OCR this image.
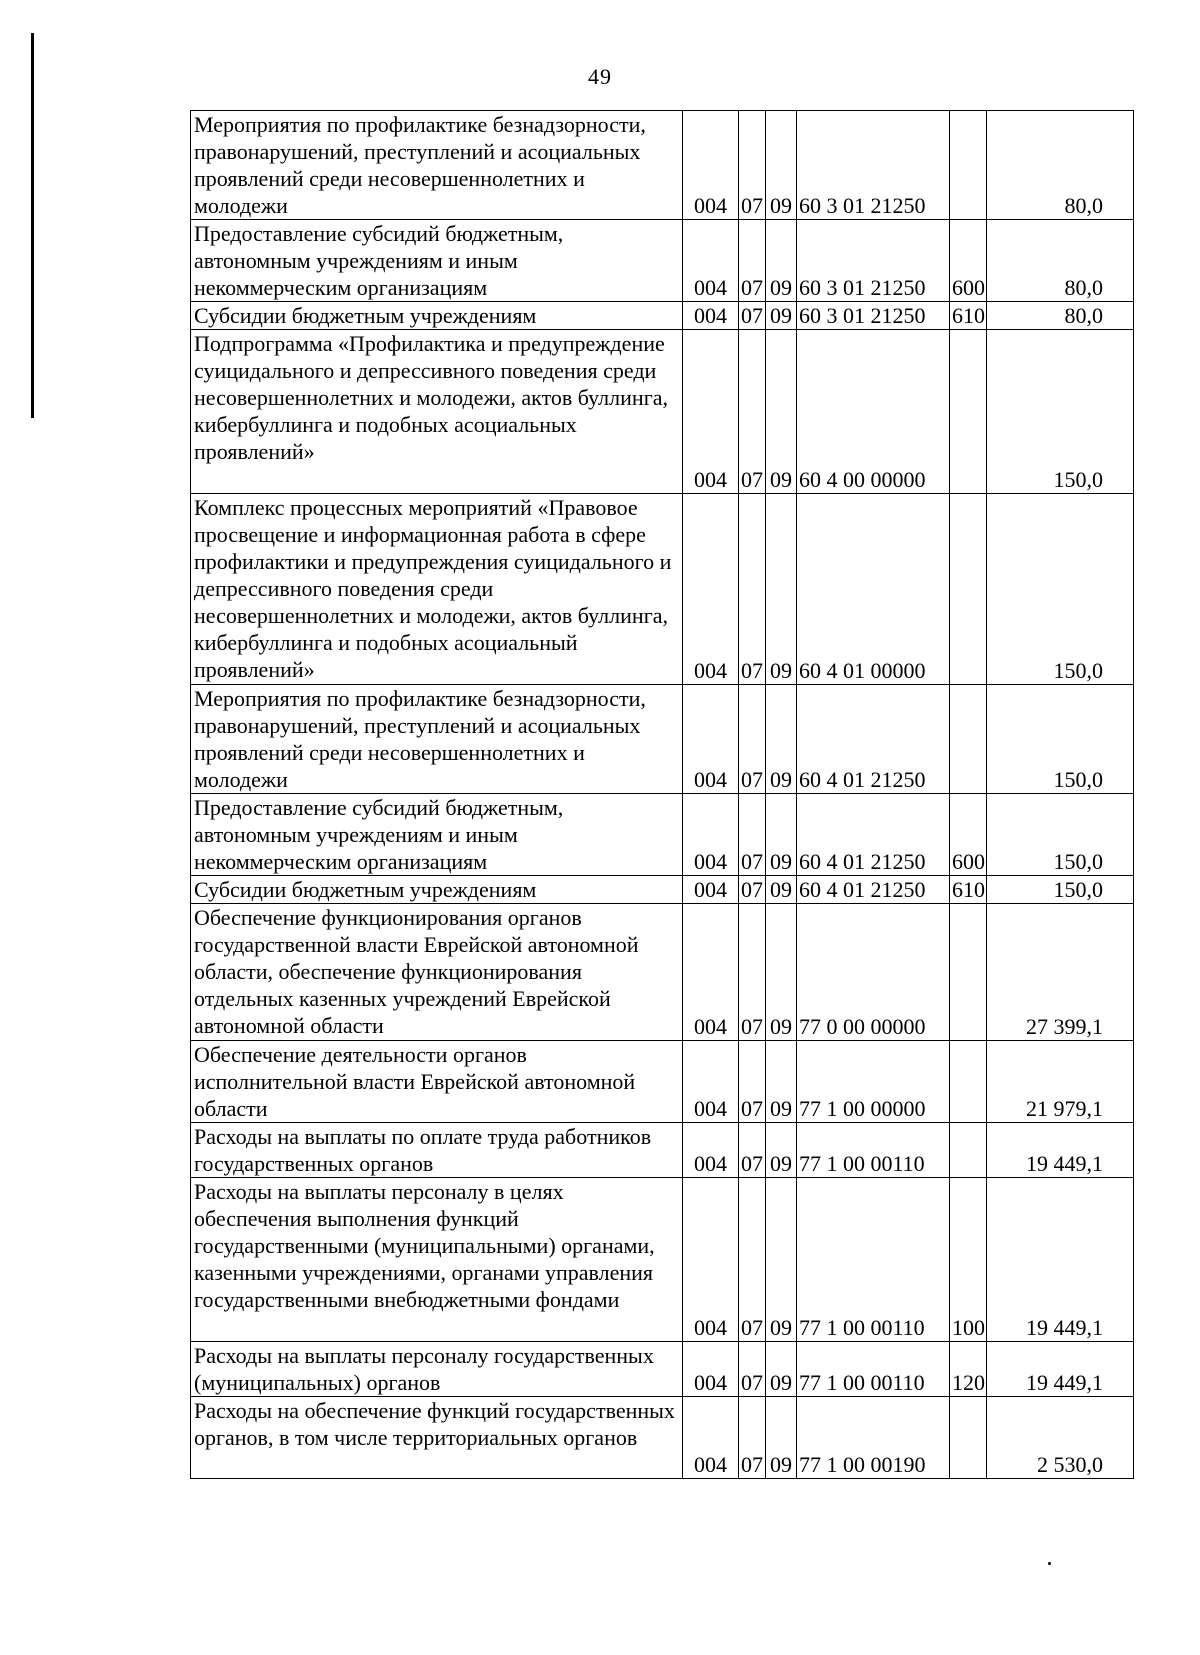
49
Мероприятия по профилактике безнадзорности, правонарушений, преступлений и асоциальных проявлений среди несовершеннолетних и молодежи	004	07	09	60 3 01 21250		80,0
Предоставление субсидий бюджетным, автономным учреждениям и иным некоммерческим организациям	004	07	09	60 3 01 21250	600	80,0
Субсидии бюджетным учреждениям	004	07	09	60 3 01 21250	610	80,0
Подпрограмма «Профилактика и предупреждение суицидального и депрессивного поведения среди несовершеннолетних и молодежи, актов буллинга, кибербуллинга и подобных асоциальных проявлений»	004	07	09	60 4 00 00000		150,0
Комплекс процессных мероприятий «Правовое просвещение и информационная работа в сфере профилактики и предупреждения суицидального и депрессивного поведения среди несовершеннолетних и молодежи, актов буллинга, кибербуллинга и подобных асоциальный проявлений»	004	07	09	60 4 01 00000		150,0
Мероприятия по профилактике безнадзорности, правонарушений, преступлений и асоциальных проявлений среди несовершеннолетних и молодежи	004	07	09	60 4 01 21250		150,0
Предоставление субсидий бюджетным, автономным учреждениям и иным некоммерческим организациям	004	07	09	60 4 01 21250	600	150,0
Субсидии бюджетным учреждениям	004	07	09	60 4 01 21250	610	150,0
Обеспечение функционирования органов государственной власти Еврейской автономной области, обеспечение функционирования отдельных казенных учреждений Еврейской автономной области	004	07	09	77 0 00 00000		27 399,1
Обеспечение деятельности органов исполнительной власти Еврейской автономной области	004	07	09	77 1 00 00000		21 979,1
Расходы на выплаты по оплате труда работников государственных органов	004	07	09	77 1 00 00110		19 449,1
Расходы на выплаты персоналу в целях обеспечения выполнения функций государственными (муниципальными) органами, казенными учреждениями, органами управления государственными внебюджетными фондами	004	07	09	77 1 00 00110	100	19 449,1
Расходы на выплаты персоналу государственных (муниципальных) органов	004	07	09	77 1 00 00110	120	19 449,1
Расходы на обеспечение функций государственных органов, в том числе территориальных органов	004	07	09	77 1 00 00190		2 530,0
